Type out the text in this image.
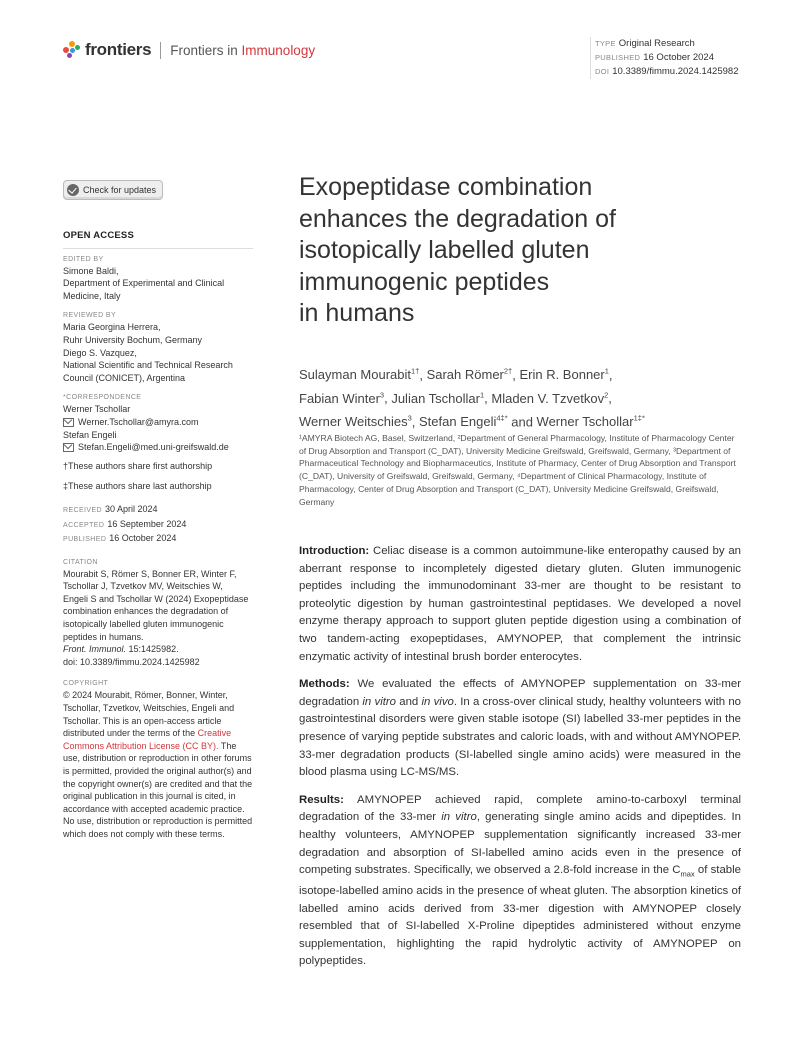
frontiers Frontiers in Immunology	TYPE Original Research
PUBLISHED 16 October 2024
DOI 10.3389/fimmu.2024.1425982
Check for updates
OPEN ACCESS
EDITED BY
Simone Baldi,
Department of Experimental and Clinical
Medicine, Italy
REVIEWED BY
Maria Georgina Herrera,
Ruhr University Bochum, Germany
Diego S. Vazquez,
National Scientific and Technical Research
Council (CONICET), Argentina
*CORRESPONDENCE
Werner Tschollar
Werner.Tschollar@amyra.com
Stefan Engeli
Stefan.Engeli@med.uni-greifswald.de
†These authors share first authorship
‡These authors share last authorship
RECEIVED 30 April 2024
ACCEPTED 16 September 2024
PUBLISHED 16 October 2024
CITATION
Mourabit S, Römer S, Bonner ER, Winter F,
Tschollar J, Tzvetkov MV, Weitschies W,
Engeli S and Tschollar W (2024) Exopeptidase
combination enhances the degradation of
isotopically labelled gluten immunogenic
peptides in humans.
Front. Immunol. 15:1425982.
doi: 10.3389/fimmu.2024.1425982
COPYRIGHT
© 2024 Mourabit, Römer, Bonner, Winter, Tschollar, Tzvetkov, Weitschies, Engeli and Tschollar. This is an open-access article distributed under the terms of the Creative Commons Attribution License (CC BY). The use, distribution or reproduction in other forums is permitted, provided the original author(s) and the copyright owner(s) are credited and that the original publication in this journal is cited, in accordance with accepted academic practice. No use, distribution or reproduction is permitted which does not comply with these terms.
Exopeptidase combination
enhances the degradation of
isotopically labelled gluten
immunogenic peptides
in humans
Sulayman Mourabit$^{1\dagger}$, Sarah Römer$^{2\dagger}$, Erin R. Bonner$^1$,
Fabian Winter$^3$, Julian Tschollar$^1$, Mladen V. Tzvetkov$^2$,
Werner Weitschies$^3$, Stefan Engeli$^{4\ddagger*}$ and Werner Tschollar$^{1\ddagger*}$
¹AMYRA Biotech AG, Basel, Switzerland, ²Department of General Pharmacology, Institute of Pharmacology Center of Drug Absorption and Transport (C_DAT), University Medicine Greifswald, Greifswald, Germany, ³Department of Pharmaceutical Technology and Biopharmaceutics, Institute of Pharmacy, Center of Drug Absorption and Transport (C_DAT), University of Greifswald, Greifswald, Germany, ⁴Department of Clinical Pharmacology, Institute of Pharmacology, Center of Drug Absorption and Transport (C_DAT), University Medicine Greifswald, Greifswald, Germany

Introduction: Celiac disease is a common autoimmune-like enteropathy caused by an aberrant response to incompletely digested dietary gluten. Gluten immunogenic peptides including the immunodominant 33-mer are thought to be resistant to proteolytic digestion by human gastrointestinal peptidases. We developed a novel enzyme therapy approach to support gluten peptide digestion using a combination of two tandem-acting exopeptidases, AMYNOPEP, that complement the intrinsic enzymatic activity of intestinal brush border enterocytes.

Methods: We evaluated the effects of AMYNOPEP supplementation on 33-mer degradation in vitro and in vivo. In a cross-over clinical study, healthy volunteers with no gastrointestinal disorders were given stable isotope (SI) labelled 33-mer peptides in the presence of varying peptide substrates and caloric loads, with and without AMYNOPEP. 33-mer degradation products (SI-labelled single amino acids) were measured in the blood plasma using LC-MS/MS.

Results: AMYNOPEP achieved rapid, complete amino-to-carboxyl terminal degradation of the 33-mer in vitro, generating single amino acids and dipeptides. In healthy volunteers, AMYNOPEP supplementation significantly increased 33-mer degradation and absorption of SI-labelled amino acids even in the presence of competing substrates. Specifically, we observed a 2.8-fold increase in the $C_{max}$ of stable isotope-labelled amino acids in the presence of wheat gluten. The absorption kinetics of labelled amino acids derived from 33-mer digestion with AMYNOPEP closely resembled that of SI-labelled X-Proline dipeptides administered without enzyme supplementation, highlighting the rapid hydrolytic activity of AMYNOPEP on polypeptides.
